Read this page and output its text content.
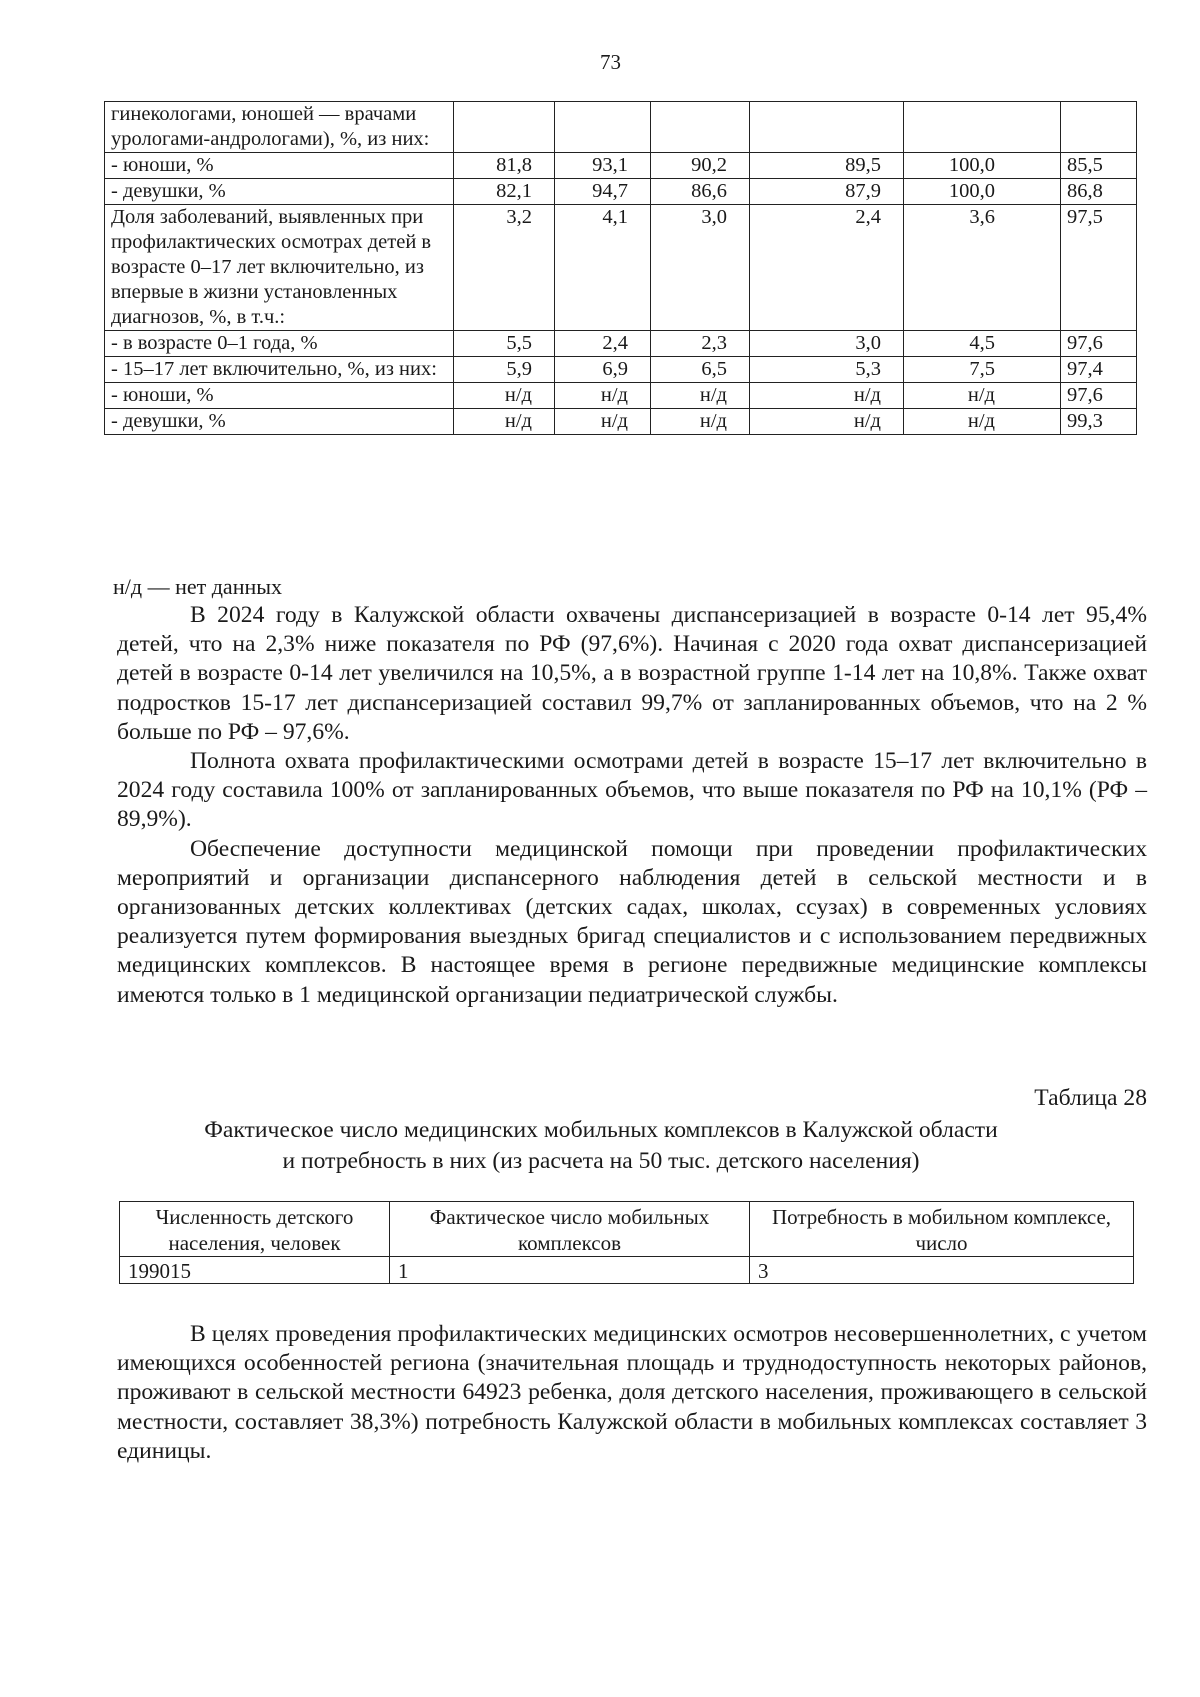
73
гинекологами, юношей — врачами урологами-андрологами), %, из них:						
- юноши, %	81,8	93,1	90,2	89,5	100,0	85,5
- девушки, %	82,1	94,7	86,6	87,9	100,0	86,8
Доля заболеваний, выявленных при профилактических осмотрах детей в возрасте 0–17 лет включительно, из впервые в жизни установленных диагнозов, %, в т.ч.:	3,2	4,1	3,0	2,4	3,6	97,5
- в возрасте 0–1 года, %	5,5	2,4	2,3	3,0	4,5	97,6
- 15–17 лет включительно, %, из них:	5,9	6,9	6,5	5,3	7,5	97,4
- юноши, %	н/д	н/д	н/д	н/д	н/д	97,6
- девушки, %	н/д	н/д	н/д	н/д	н/д	99,3
н/д — нет данных

В 2024 году в Калужской области охвачены диспансеризацией в возрасте 0-14 лет 95,4% детей, что на 2,3% ниже показателя по РФ (97,6%). Начиная с 2020 года охват диспансеризацией детей в возрасте 0-14 лет увеличился на 10,5%, а в возрастной группе 1-14 лет на 10,8%. Также охват подростков 15-17 лет диспансеризацией составил 99,7% от запланированных объемов, что на 2 % больше по РФ – 97,6%.

Полнота охвата профилактическими осмотрами детей в возрасте 15–17 лет включительно в 2024 году составила 100% от запланированных объемов, что выше показателя по РФ на 10,1% (РФ – 89,9%).

Обеспечение доступности медицинской помощи при проведении профилактических мероприятий и организации диспансерного наблюдения детей в сельской местности и в организованных детских коллективах (детских садах, школах, ссузах) в современных условиях реализуется путем формирования выездных бригад специалистов и с использованием передвижных медицинских комплексов. В настоящее время в регионе передвижные медицинские комплексы имеются только в 1 медицинской организации педиатрической службы.

Таблица 28
Фактическое число медицинских мобильных комплексов в Калужской области
и потребность в них (из расчета на 50 тыс. детского населения)
Численность детского населения, человек	Фактическое число мобильных комплексов	Потребность в мобильном комплексе, число
199015	1	3

В целях проведения профилактических медицинских осмотров несовершеннолетних, с учетом имеющихся особенностей региона (значительная площадь и труднодоступность некоторых районов, проживают в сельской местности 64923 ребенка, доля детского населения, проживающего в сельской местности, составляет 38,3%) потребность Калужской области в мобильных комплексах составляет 3 единицы.
